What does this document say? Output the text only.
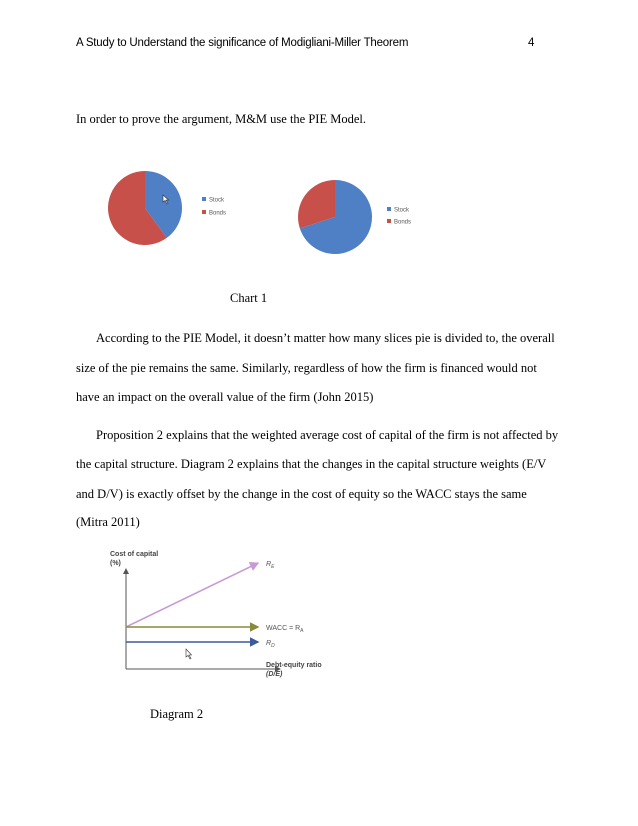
A Study to Understand the significance of Modigliani-Miller Theorem	4
In order to prove the argument, M&M use the PIE Model.
Stock
Bonds	Stock
Bonds
Chart 1
According to the PIE Model, it doesn’t matter how many slices pie is divided to, the overall
size of the pie remains the same. Similarly, regardless of how the firm is financed would not
have an impact on the overall value of the firm (John 2015)
Proposition 2 explains that the weighted average cost of capital of the firm is not affected by
the capital structure. Diagram 2 explains that the changes in the capital structure weights (E/V
and D/V) is exactly offset by the change in the cost of equity so the WACC stays the same
(Mitra 2011)
Cost of capital
(%)	$R_E$
WACC = $R_A$
$R_D$
Debt-equity ratio
(D/E)
Diagram 2
